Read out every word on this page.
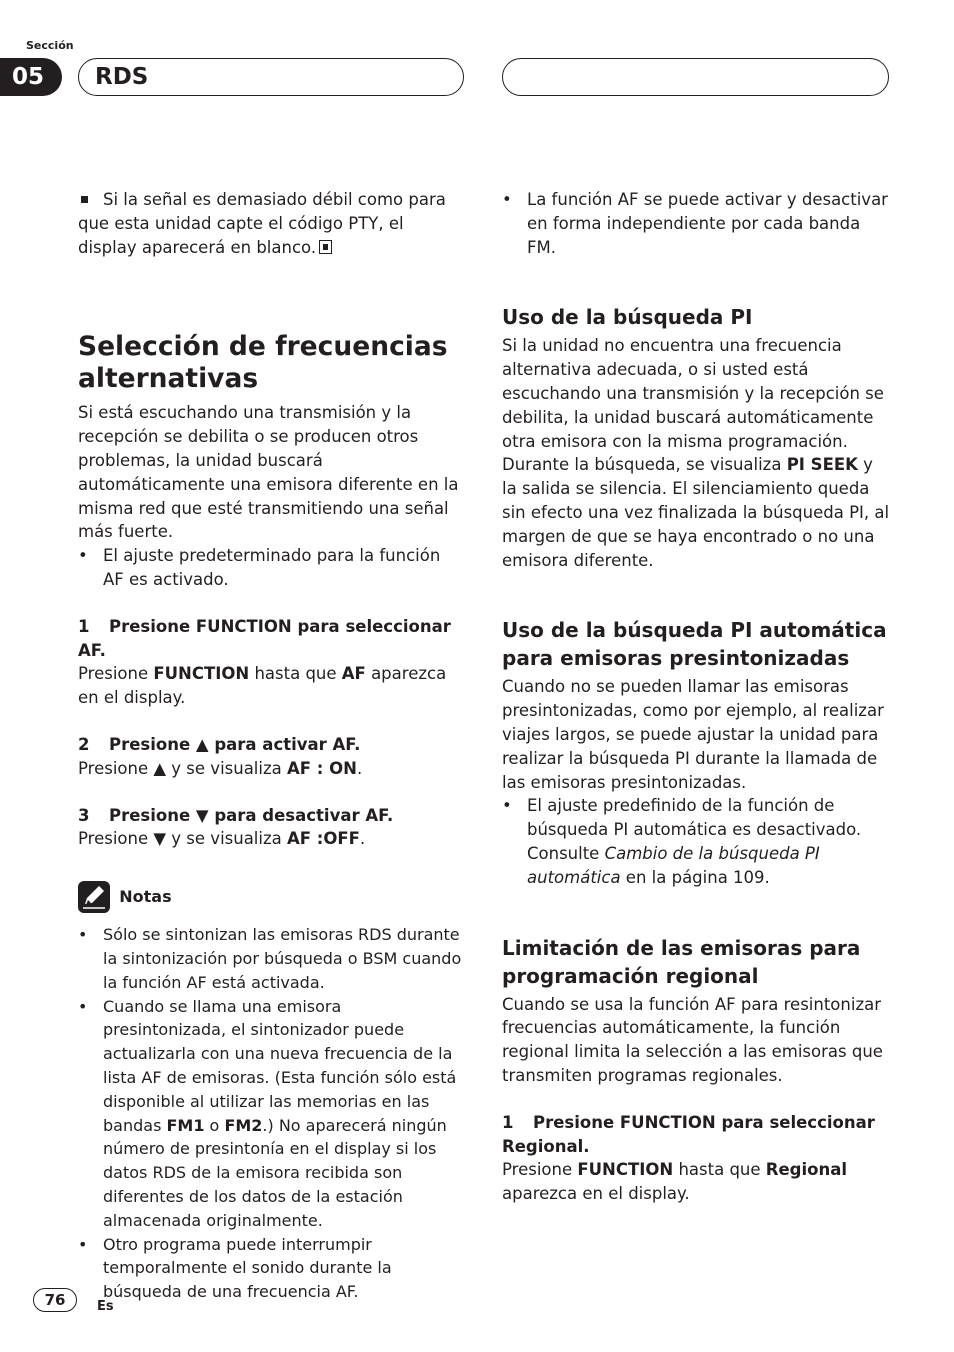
Sección
05	RDS

Si la señal es demasiado débil como para que esta unidad capte el código PTY, el display aparecerá en blanco.

Selección de frecuencias alternativas

Si está escuchando una transmisión y la recepción se debilita o se producen otros problemas, la unidad buscará automáticamente una emisora diferente en la misma red que esté transmitiendo una señal más fuerte.

• El ajuste predeterminado para la función AF es activado.
1 Presione FUNCTION para seleccionar AF.

Presione FUNCTION hasta que AF aparezca en el display.

2 Presione ▲ para activar AF.

Presione ▲ y se visualiza AF : ON.

3 Presione ▼ para desactivar AF.

Presione ▼ y se visualiza AF :OFF.

Notas
• Sólo se sintonizan las emisoras RDS durante la sintonización por búsqueda o BSM cuando la función AF está activada.
• Cuando se llama una emisora presintonizada, el sintonizador puede actualizarla con una nueva frecuencia de la lista AF de emisoras. (Esta función sólo está disponible al utilizar las memorias en las bandas FM1 o FM2.) No aparecerá ningún número de presintonía en el display si los datos RDS de la emisora recibida son diferentes de los datos de la estación almacenada originalmente.
• Otro programa puede interrumpir temporalmente el sonido durante la búsqueda de una frecuencia AF.
• La función AF se puede activar y desactivar en forma independiente por cada banda FM.
Uso de la búsqueda PI

Si la unidad no encuentra una frecuencia alternativa adecuada, o si usted está escuchando una transmisión y la recepción se debilita, la unidad buscará automáticamente otra emisora con la misma programación. Durante la búsqueda, se visualiza PI SEEK y la salida se silencia. El silenciamiento queda sin efecto una vez finalizada la búsqueda PI, al margen de que se haya encontrado o no una emisora diferente.

Uso de la búsqueda PI automática para emisoras presintonizadas

Cuando no se pueden llamar las emisoras presintonizadas, como por ejemplo, al realizar viajes largos, se puede ajustar la unidad para realizar la búsqueda PI durante la llamada de las emisoras presintonizadas.

• El ajuste predefinido de la función de búsqueda PI automática es desactivado. Consulte Cambio de la búsqueda PI automática en la página 109.
Limitación de las emisoras para programación regional

Cuando se usa la función AF para resintonizar frecuencias automáticamente, la función regional limita la selección a las emisoras que transmiten programas regionales.

1 Presione FUNCTION para seleccionar Regional.

Presione FUNCTION hasta que Regional aparezca en el display.

76	Es
